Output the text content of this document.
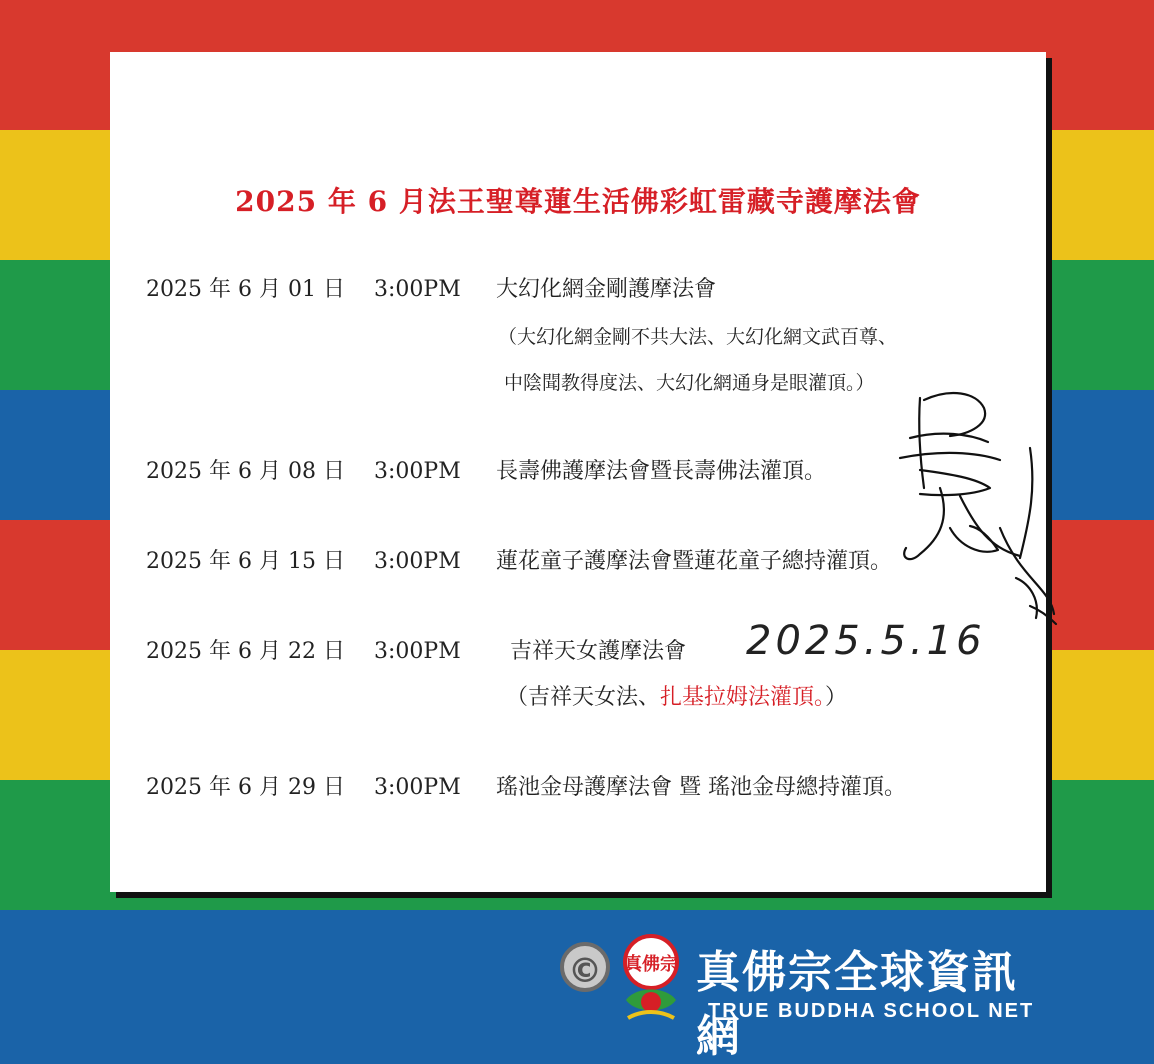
2025 年 6 月法王聖尊蓮生活佛彩虹雷藏寺護摩法會
2025 年 6 月 01 日 3:00PM 大幻化網金剛護摩法會
（大幻化網金剛不共大法、大幻化網文武百尊、
中陰聞教得度法、大幻化網通身是眼灌頂。）
2025 年 6 月 08 日 3:00PM 長壽佛護摩法會暨長壽佛法灌頂。
2025 年 6 月 15 日 3:00PM 蓮花童子護摩法會暨蓮花童子總持灌頂。
2025 年 6 月 22 日 3:00PM 吉祥天女護摩法會
（吉祥天女法、扎基拉姆法灌頂。）
2025 年 6 月 29 日 3:00PM 瑤池金母護摩法會 暨 瑤池金母總持灌頂。
2025.5.16
©	真佛宗 真佛宗全球資訊網
TRUE BUDDHA SCHOOL NET
